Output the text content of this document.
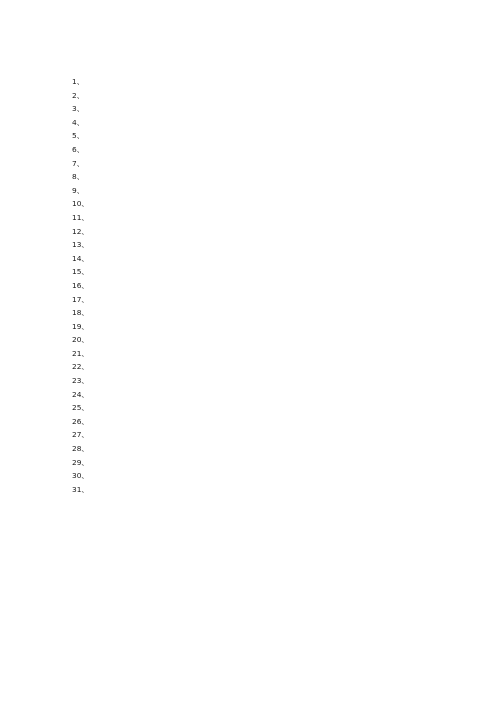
1、
2、
3、
4、
5、
6、
7、
8、
9、
10、
11、
12、
13、
14、
15、
16、
17、
18、
19、
20、
21、
22、
23、
24、
25、
26、
27、
28、
29、
30、
31、
